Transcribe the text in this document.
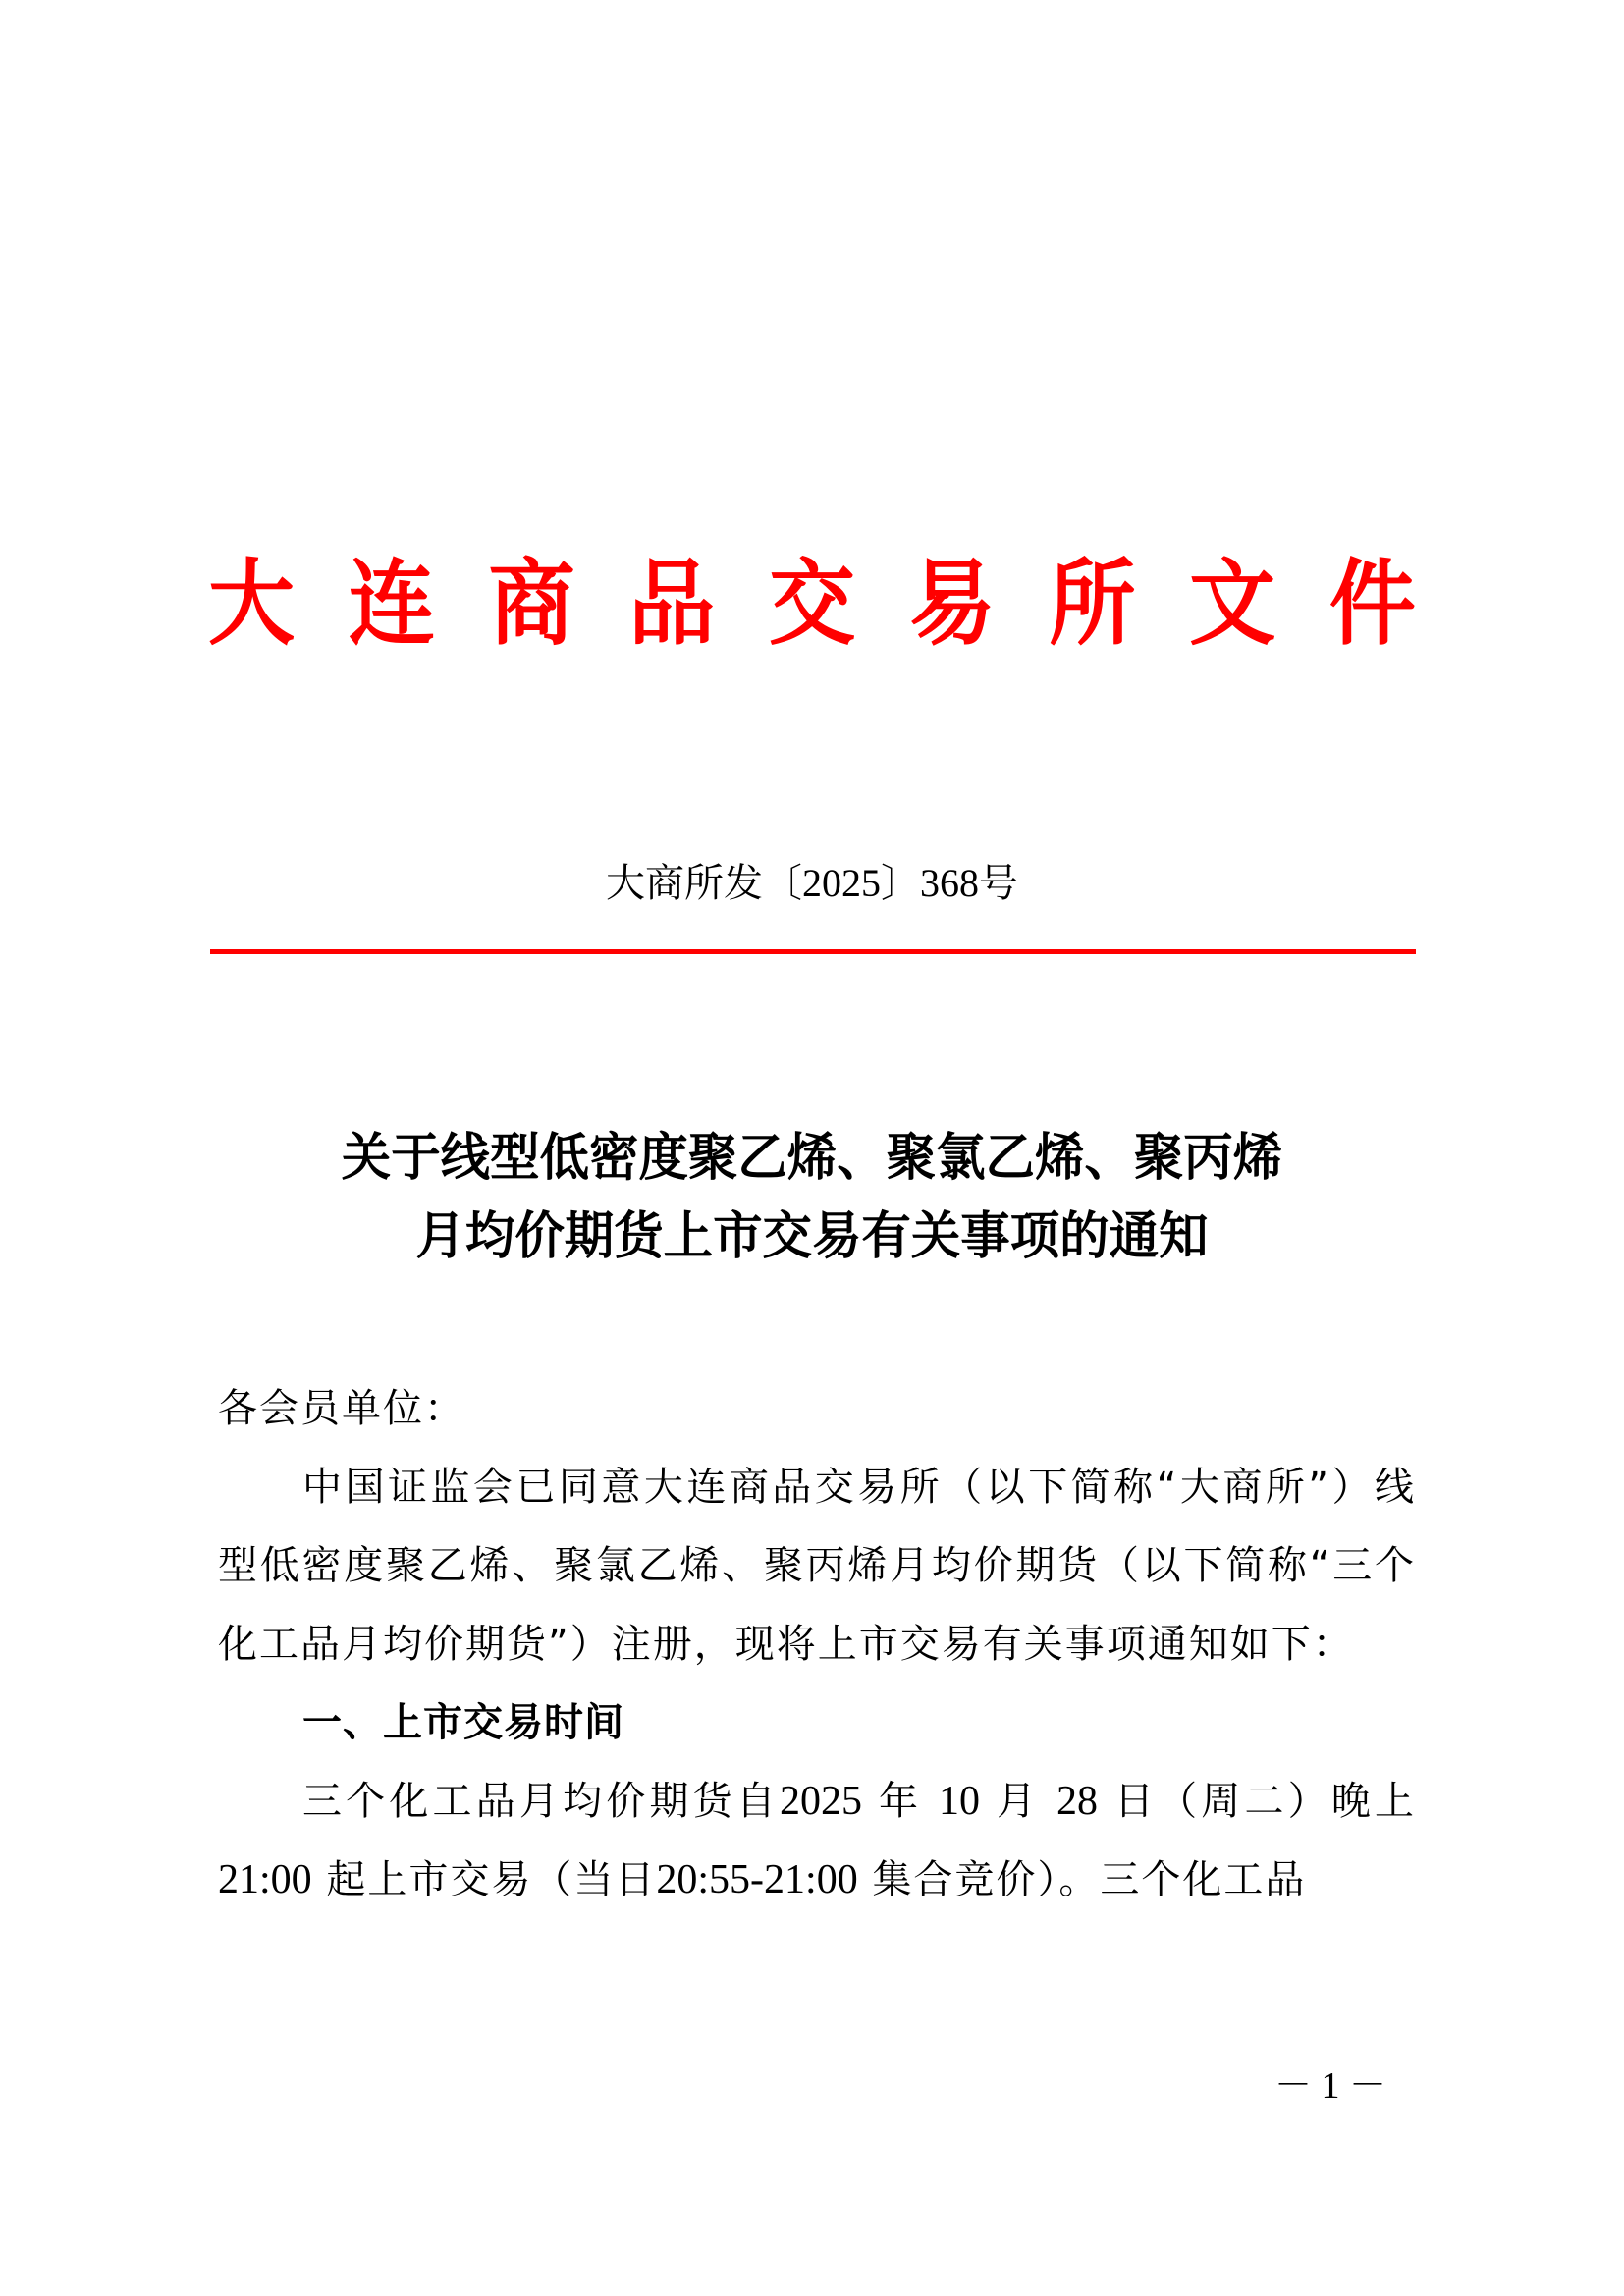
大 连 商 品 交 易 所 文 件
大商所发〔2025〕368号
关于线型低密度聚乙烯、聚氯乙烯、聚丙烯
月均价期货上市交易有关事项的通知

各会员单位：

中国证监会已同意大连商品交易所（以下简称“大商所”）线型低密度聚乙烯、聚氯乙烯、聚丙烯月均价期货（以下简称“三个化工品月均价期货”）注册，现将上市交易有关事项通知如下：

一、上市交易时间

三个化工品月均价期货自2025 年 10 月 28 日（周二）晚上21:00 起上市交易（当日20:55-21:00 集合竞价）。三个化工品

－ 1 －
